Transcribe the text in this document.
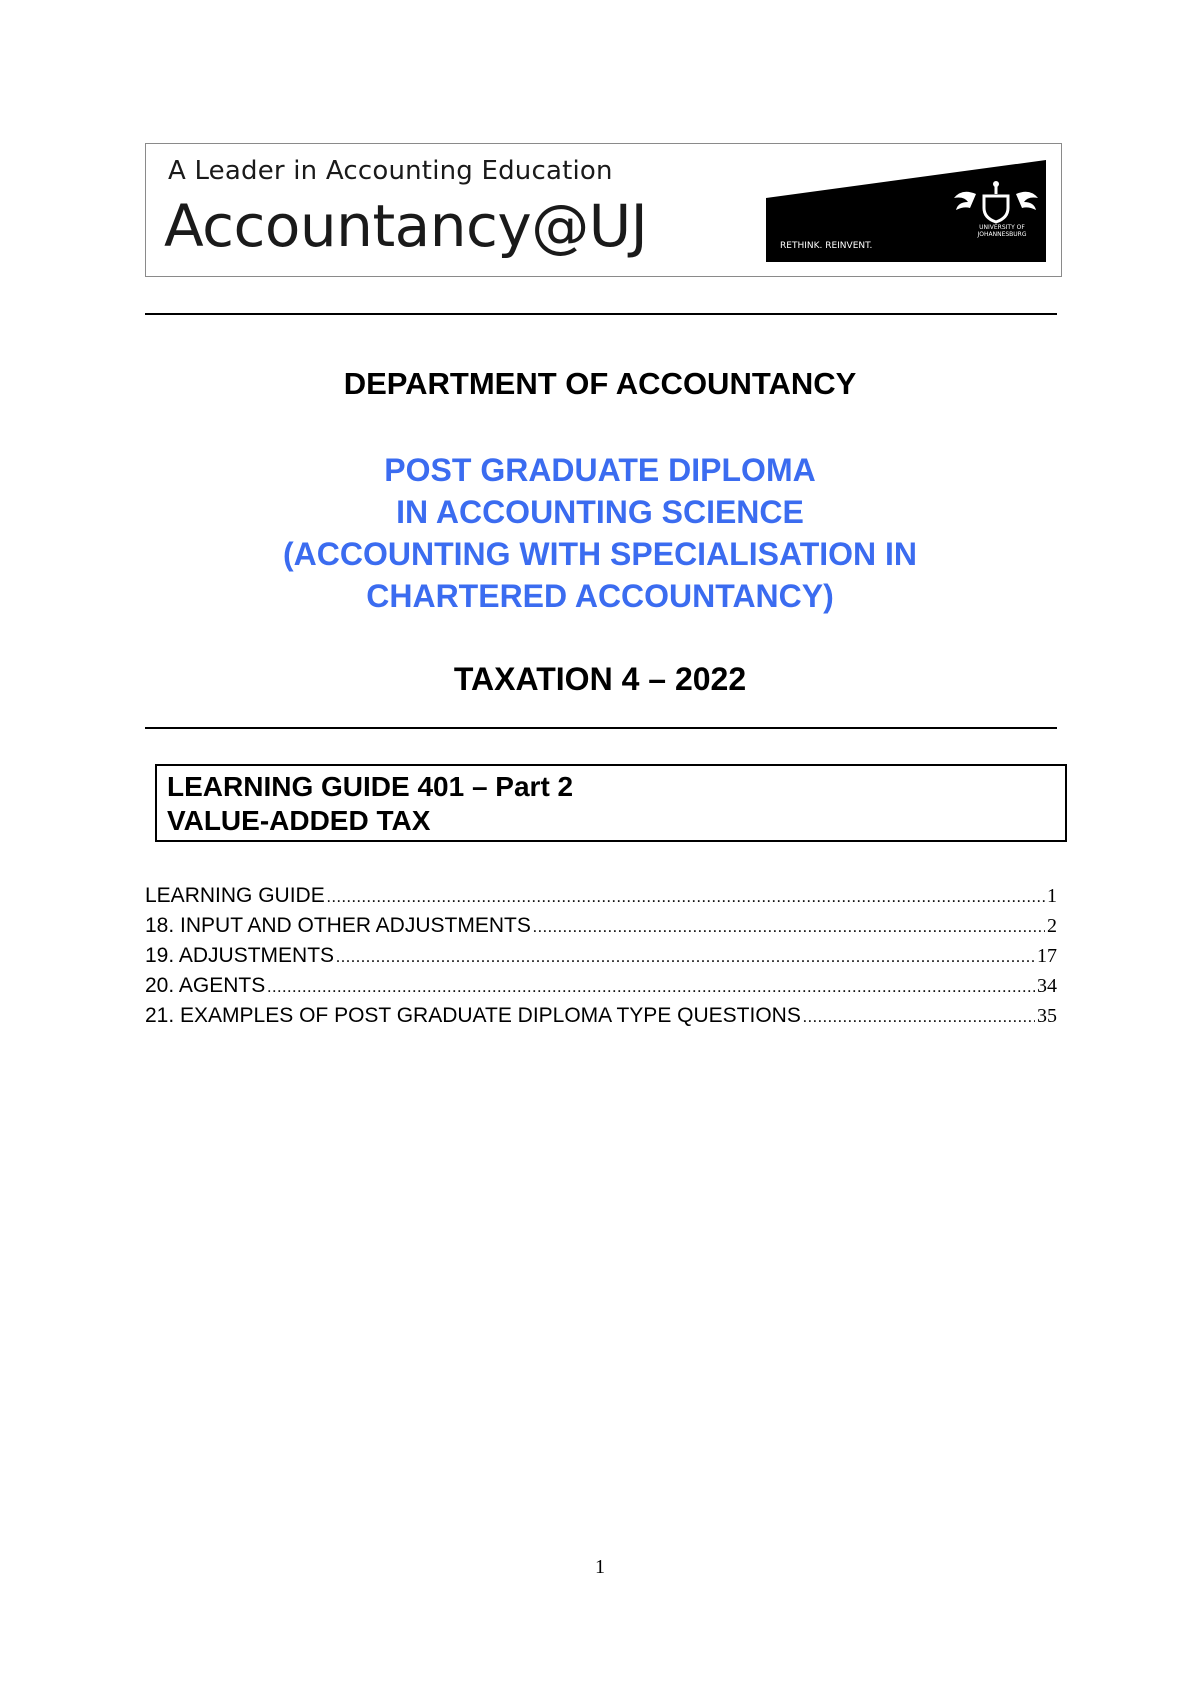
A Leader in Accounting Education
Accountancy@UJ	RETHINK. REINVENT.
UNIVERSITY OF JOHANNESBURG
DEPARTMENT OF ACCOUNTANCY
POST GRADUATE DIPLOMA
IN ACCOUNTING SCIENCE
(ACCOUNTING WITH SPECIALISATION IN
CHARTERED ACCOUNTANCY)
TAXATION 4 – 2022
LEARNING GUIDE 401 – Part 2
VALUE-ADDED TAX
LEARNING GUIDE .....	1
18. INPUT AND OTHER ADJUSTMENTS .....	2
19. ADJUSTMENTS .....	17
20. AGENTS .....	34
21. EXAMPLES OF POST GRADUATE DIPLOMA TYPE QUESTIONS .....	35
1
